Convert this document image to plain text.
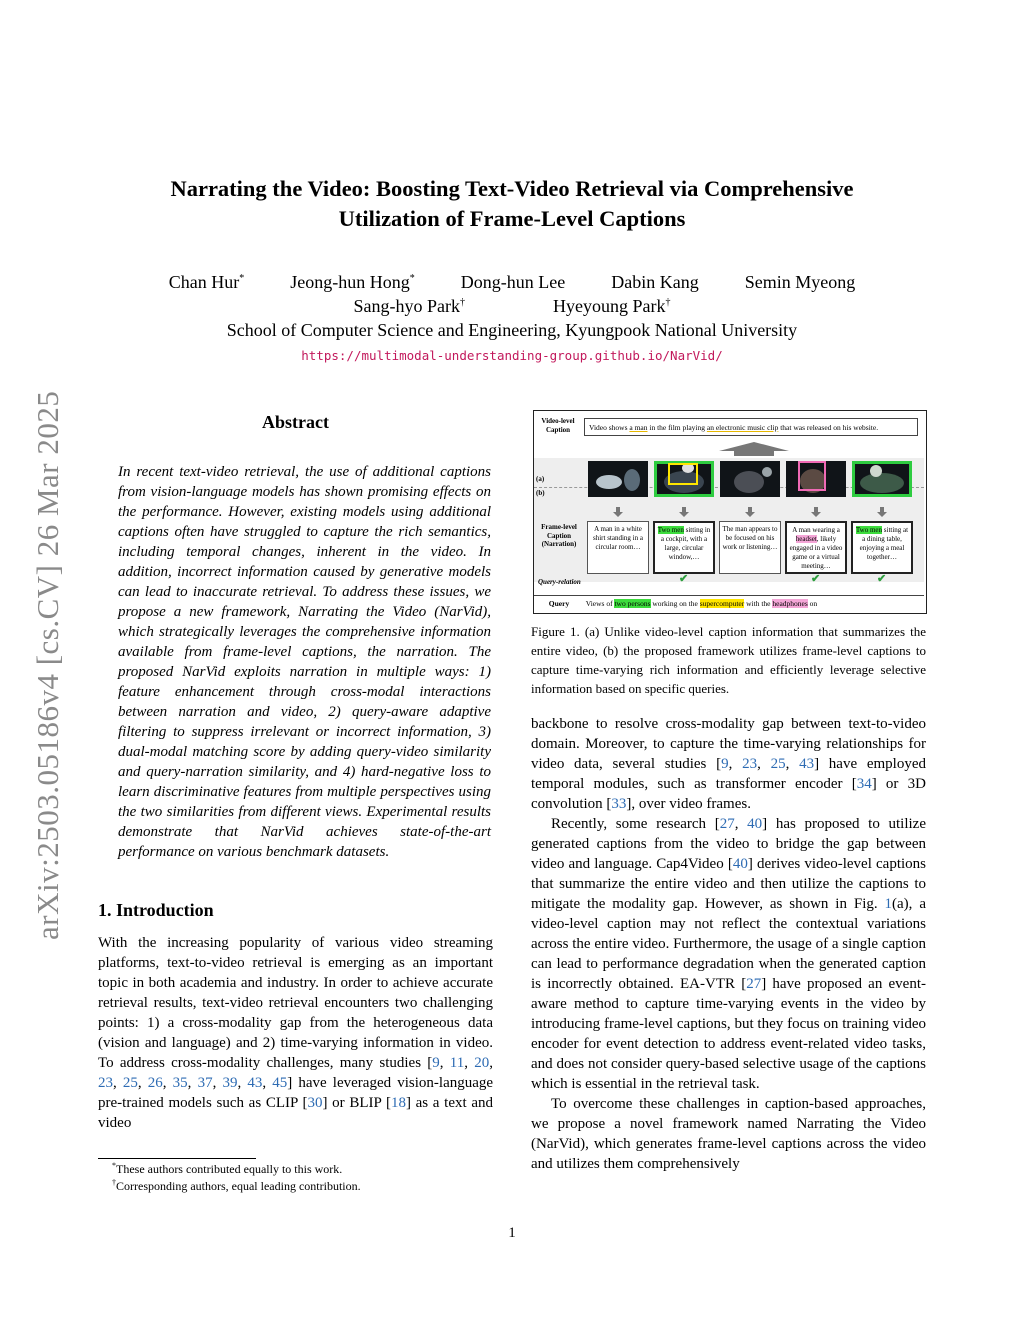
arXiv:2503.05186v4 [cs.CV] 26 Mar 2025
Narrating the Video: Boosting Text-Video Retrieval via Comprehensive
Utilization of Frame-Level Captions
Chan Hur*	Jeong-hun Hong*	Dong-hun Lee	Dabin Kang	Semin Myeong
Sang-hyo Park†	Hyeyoung Park†
School of Computer Science and Engineering, Kyungpook National University
https://multimodal-understanding-group.github.io/NarVid/
Abstract

In recent text-video retrieval, the use of additional captions from vision-language models has shown promising effects on the performance. However, existing models using additional captions often have struggled to capture the rich semantics, including temporal changes, inherent in the video. In addition, incorrect information caused by generative models can lead to inaccurate retrieval. To address these issues, we propose a new framework, Narrating the Video (NarVid), which strategically leverages the comprehensive information available from frame-level captions, the narration. The proposed NarVid exploits narration in multiple ways: 1) feature enhancement through cross-modal interactions between narration and video, 2) query-aware adaptive filtering to suppress irrelevant or incorrect information, 3) dual-modal matching score by adding query-video similarity and query-narration similarity, and 4) hard-negative loss to learn discriminative features from multiple perspectives using the two similarities from different views. Experimental results demonstrate that NarVid achieves state-of-the-art performance on various benchmark datasets.

1. Introduction

With the increasing popularity of various video streaming platforms, text-to-video retrieval is emerging as an important topic in both academia and industry. In order to achieve accurate retrieval results, text-video retrieval encounters two challenging points: 1) a cross-modality gap from the heterogeneous data (vision and language) and 2) time-varying information in video. To address cross-modality challenges, many studies [9, 11, 20, 23, 25, 26, 35, 37, 39, 43, 45] have leveraged vision-language pre-trained models such as CLIP [30] or BLIP [18] as a text and video

*These authors contributed equally to this work.
†Corresponding authors, equal leading contribution.
Video-level Caption	Video shows a man in the film playing an electronic music clip that was released on his website.
(a)
(b)
Frame-level Caption (Narration)
A man in a white shirt standing in a circular room…
Two men sitting in a cockpit, with a large, circular window,…
The man appears to be focused on his work or listening…
A man wearing a headset, likely engaged in a video game or a virtual meeting…
Two men sitting at a dining table, enjoying a meal together…
Query-relation	✔	✔	✔
Query Views of two persons working on the supercomputer with the headphones on
Figure 1. (a) Unlike video-level caption information that summarizes the entire video, (b) the proposed framework utilizes frame-level captions to capture time-varying rich information and efficiently leverage selective information based on specific queries.

backbone to resolve cross-modality gap between text-to-video domain. Moreover, to capture the time-varying relationships for video data, several studies [9, 23, 25, 43] have employed temporal modules, such as transformer encoder [34] or 3D convolution [33], over video frames.

Recently, some research [27, 40] has proposed to utilize generated captions from the video to bridge the gap between video and language. Cap4Video [40] derives video-level captions that summarize the entire video and then utilize the captions to mitigate the modality gap. However, as shown in Fig. 1(a), a video-level caption may not reflect the contextual variations across the entire video. Furthermore, the usage of a single caption can lead to performance degradation when the generated caption is incorrectly obtained. EA-VTR [27] have proposed an event-aware method to capture time-varying events in the video by introducing frame-level captions, but they focus on training video encoder for event detection to address event-related video tasks, and does not consider query-based selective usage of the captions which is essential in the retrieval task.

To overcome these challenges in caption-based approaches, we propose a novel framework named Narrating the Video (NarVid), which generates frame-level captions across the video and utilizes them comprehensively

1
